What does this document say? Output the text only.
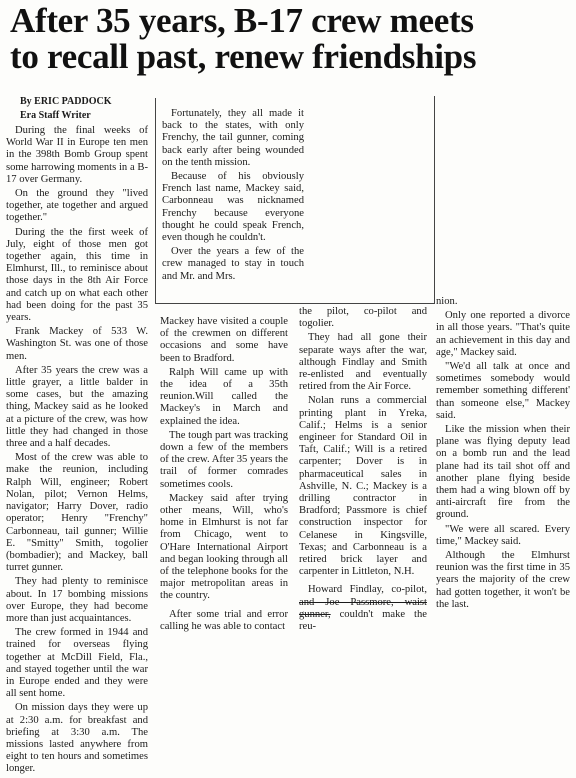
After 35 years, B-17 crew meets
to recall past, renew friendships

By ERIC PADDOCK

Era Staff Writer

During the final weeks of World War II in Europe ten men in the 398th Bomb Group spent some harrowing moments in a B-17 over Germany.

On the ground they "lived together, ate together and argued together."

During the the first week of July, eight of those men got together again, this time in Elmhurst, Ill., to reminisce about those days in the 8th Air Force and catch up on what each other had been doing for the past 35 years.

Frank Mackey of 533 W. Washington St. was one of those men.

After 35 years the crew was a little grayer, a little balder in some cases, but the amazing thing, Mackey said as he looked at a picture of the crew, was how little they had changed in those three and a half decades.

Most of the crew was able to make the reunion, including Ralph Will, engineer; Robert Nolan, pilot; Vernon Helms, navigator; Harry Dover, radio operator; Henry "Frenchy" Carbonneau, tail gunner; Willie E. "Smitty" Smith, togolier (bombadier); and Mackey, ball turret gunner.

They had plenty to reminisce about. In 17 bombing missions over Europe, they had become more than just acquaintances.

The crew formed in 1944 and trained for overseas flying together at McDill Field, Fla., and stayed together until the war in Europe ended and they were all sent home.

On mission days they were up at 2:30 a.m. for breakfast and briefing at 3:30 a.m. The missions lasted anywhere from eight to ten hours and sometimes longer.

Fortunately, they all made it back to the states, with only Frenchy, the tail gunner, coming back early after being wounded on the tenth mission.

Because of his obviously French last name, Mackey said, Carbonneau was nicknamed Frenchy because everyone thought he could speak French, even though he couldn't.

Over the years a few of the crew managed to stay in touch and Mr. and Mrs.

Mackey have visited a couple of the crewmen on different occasions and some have been to Bradford.

Ralph Will came up with the idea of a 35th reunion.Will called the Mackey's in March and explained the idea.

The tough part was tracking down a few of the members of the crew. After 35 years the trail of former comrades sometimes cools.

Mackey said after trying other means, Will, who's home in Elmhurst is not far from Chicago, went to O'Hare International Airport and began looking through all of the telephone books for the major metropolitan areas in the country.

After some trial and error calling he was able to contact

the pilot, co-pilot and togolier.

They had all gone their separate ways after the war, although Findlay and Smith re-enlisted and eventually retired from the Air Force.

Nolan runs a commercial printing plant in Yreka, Calif.; Helms is a senior engineer for Standard Oil in Taft, Calif.; Will is a retired carpenter; Dover is in pharmaceutical sales in Ashville, N. C.; Mackey is a drilling contractor in Bradford; Passmore is chief construction inspector for Celanese in Kingsville, Texas; and Carbonneau is a retired brick layer and carpenter in Littleton, N.H.

Howard Findlay, co-pilot, and Joe Passmore, waist gunner, couldn't make the reu-

nion.

Only one reported a divorce in all those years. "That's quite an achievement in this day and age," Mackey said.

"We'd all talk at once and sometimes somebody would remember something different' than someone else," Mackey said.

Like the mission when their plane was flying deputy lead on a bomb run and the lead plane had its tail shot off and another plane flying beside them had a wing blown off by anti-aircraft fire from the ground.

"We were all scared. Every time," Mackey said.

Although the Elmhurst reunion was the first time in 35 years the majority of the crew had gotten together, it won't be the last.
